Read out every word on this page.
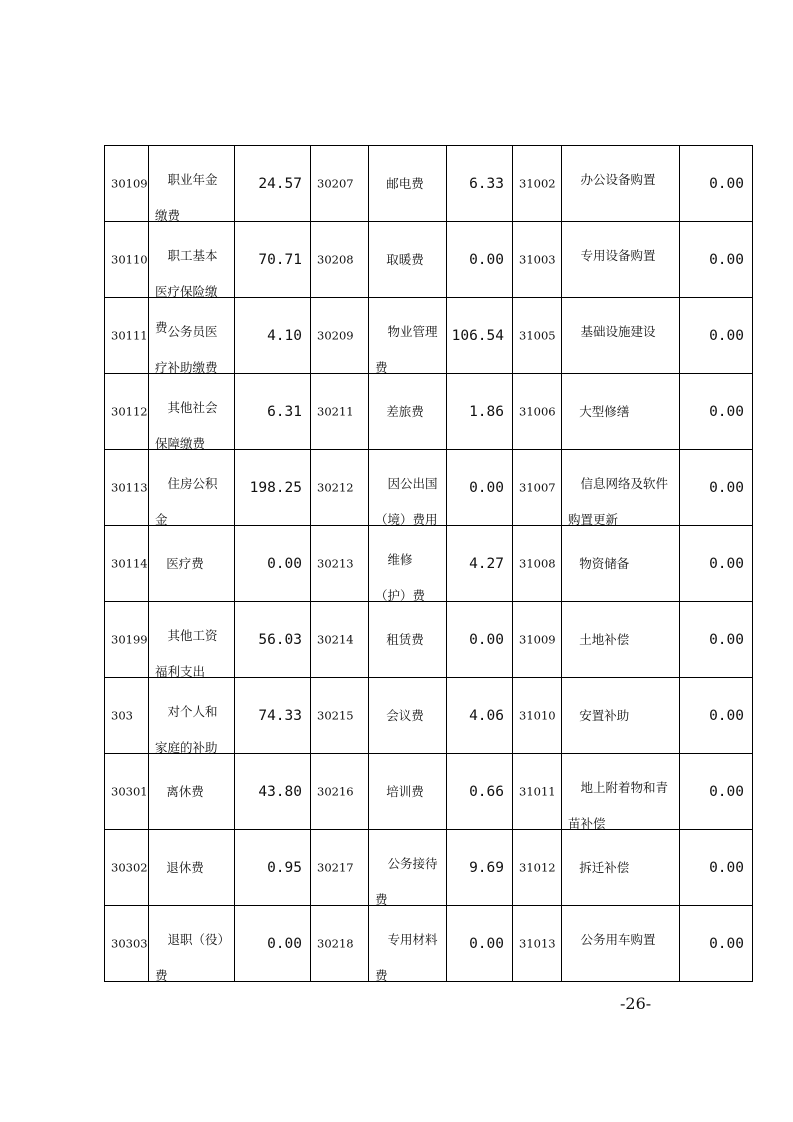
30109	职业年金缴费	24.57	30207	邮电费	6.33	31002	办公设备购置	0.00

30110	职工基本医疗保险缴费	70.71	30208	取暖费	0.00	31003	专用设备购置	0.00

30111	公务员医疗补助缴费	4.10	30209	物业管理费	106.54	31005	基础设施建设	0.00

30112	其他社会保障缴费	6.31	30211	差旅费	1.86	31006	大型修缮	0.00

30113	住房公积金	198.25	30212	因公出国（境）费用	0.00	31007	信息网络及软件购置更新	0.00

30114	医疗费	0.00	30213	维修（护）费	4.27	31008	物资储备	0.00

30199	其他工资福利支出	56.03	30214	租赁费	0.00	31009	土地补偿	0.00

303	对个人和家庭的补助	74.33	30215	会议费	4.06	31010	安置补助	0.00

30301	离休费	43.80	30216	培训费	0.66	31011	地上附着物和青苗补偿	0.00

30302	退休费	0.95	30217	公务接待费	9.69	31012	拆迁补偿	0.00

30303	退职（役）费	0.00	30218	专用材料费	0.00	31013	公务用车购置	0.00
-26-
